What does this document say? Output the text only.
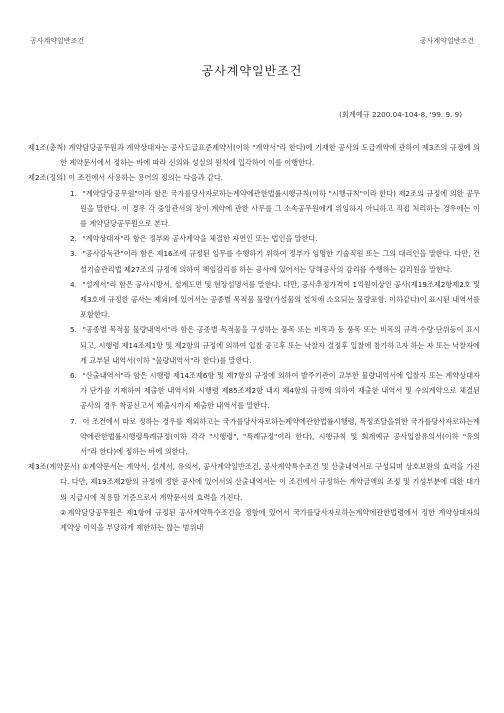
공사계약일반조건	공사계약일반조건
공사계약일반조건
(회계예규 2200.04-104-8, '99. 9. 9)

제1조(총칙) 계약담당공무원과 계약상대자는 공사도급표준계약서(이하 "계약서"라 한다)에 기재한 공사의 도급계약에 관하여 제3조의 규정에 의한 계약문서에서 정하는 바에 따라 신의와 성실의 원칙에 입각하여 이를 이행한다.

제2조(정의) 이 조건에서 사용하는 용어의 정의는 다음과 같다.

1. "계약담당공무원"이라 함은 국가를당사자로하는계약에관한법률시행규칙(이하 "시행규칙"이라 한다) 제2조의 규정에 의한 공무원을 말한다. 이 경우 각 중앙관서의 장이 계약에 관한 사무를 그 소속공무원에게 위임하지 아니하고 직접 처리하는 경우에는 이를 계약담당공무원으로 본다.

2. "계약상대자"라 함은 정부와 공사계약을 체결한 자연인 또는 법인을 말한다.

3. "공사감독관"이라 함은 제16조에 규정된 임무를 수행하기 위하여 정부가 임명한 기술직원 또는 그의 대리인을 말한다. 다만, 건설기술관리법 제27조의 규정에 의하여 책임감리를 하는 공사에 있어서는 당해공사의 감리를 수행하는 감리원을 말한다.

4. "설계서"라 함은 공사시방서, 설계도면 및 현장설명서를 말한다. 다만, 공사추정가격이 1억원이상인 공사(제19조제2항제2호 및 제3호에 규정한 공사는 제외)에 있어서는 공종별 목적물 물량(가설물의 설치에 소요되는 물량포함. 이하같다)이 표시된 내역서를 포함한다.

5. "공종별 목적물 물량내역서"라 함은 공종별 목적물을 구성하는 품목 또는 비목과 동 품목 또는 비목의 규격·수량·단위등이 표시되고, 시행령 제14조제1항 및 제2항의 규정에 의하여 입찰 공고후 또는 낙찰자 결정후 입찰에 참가하고자 하는 자 또는 낙찰자에게 교부된 내역서(이하 "물량내역서"라 한다)를 말한다.

6. "산출내역서"라 함은 시행령 제14조제6항 및 제7항의 규정에 의하여 발주기관이 교부한 물량내역서에 입찰자 또는 계약상대자가 단가를 기재하여 제출한 내역서와 시행령 제85조제2항 내지 제4항의 규정에 의하여 제출한 내역서 및 수의계약으로 체결된 공사의 경우 착공신고서 제출시까지 제출한 내역서를 말한다.

7. 이 조건에서 따로 정하는 경우를 제외하고는 국가를당사자로하는계약에관한법률시행령, 특정조달을위한 국가를당사자로하는계약에관한법률시행령특례규정(이하 각각 "시행령", "특례규정"이라 한다), 시행규칙 및 회계예규 공사입찰유의서(이하 "유의서"라 한다)에 정하는 바에 의한다.

제3조(계약문서) ①계약문서는 계약서, 설계서, 유의서, 공사계약일반조건, 공사계약특수조건 및 산출내역서로 구성되며 상호보완의 효력을 가진다. 다만, 제19조제2항의 규정에 정한 공사에 있어서의 산출내역서는 이 조건에서 규정하는 계약금액의 조정 및 기성부분에 대한 대가의 지급시에 적용할 기준으로서 계약문서의 효력을 가진다.

②계약담당공무원은 제1항에 규정된 공사계약특수조건을 정함에 있어서 국가를당사자로하는계약에관한법령에서 정한 계약상대자의 계약상 이익을 부당하게 제한하는 않는 범위내
